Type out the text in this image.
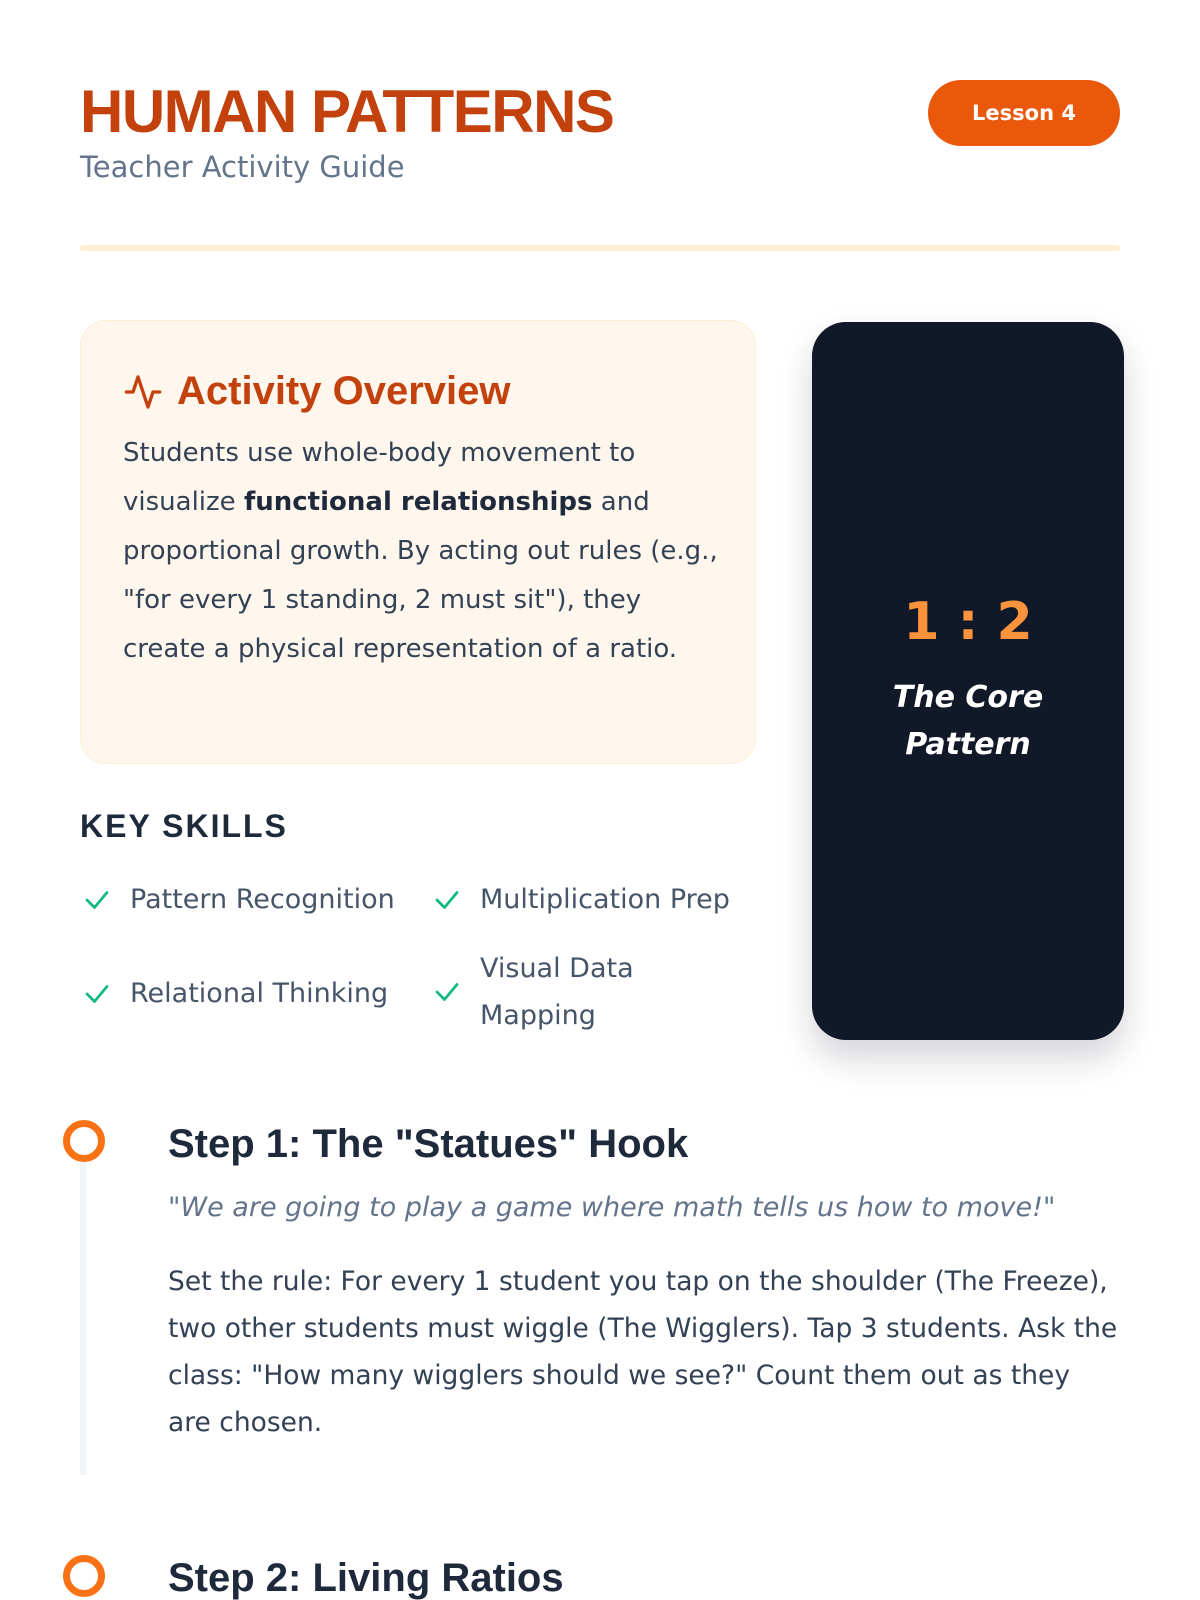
HUMAN PATTERNS
Teacher Activity Guide
Lesson 4
Activity Overview

Students use whole-body movement to visualize functional relationships and proportional growth. By acting out rules (e.g., "for every 1 standing, 2 must sit"), they create a physical representation of a ratio.

KEY SKILLS
Pattern Recognition	Multiplication Prep
Relational Thinking
Visual Data Mapping
1 : 2
The Core Pattern
Step 1: The "Statues" Hook

"We are going to play a game where math tells us how to move!"

Set the rule: For every 1 student you tap on the shoulder (The Freeze), two other students must wiggle (The Wigglers). Tap 3 students. Ask the class: "How many wigglers should we see?" Count them out as they are chosen.

Step 2: Living Ratios
